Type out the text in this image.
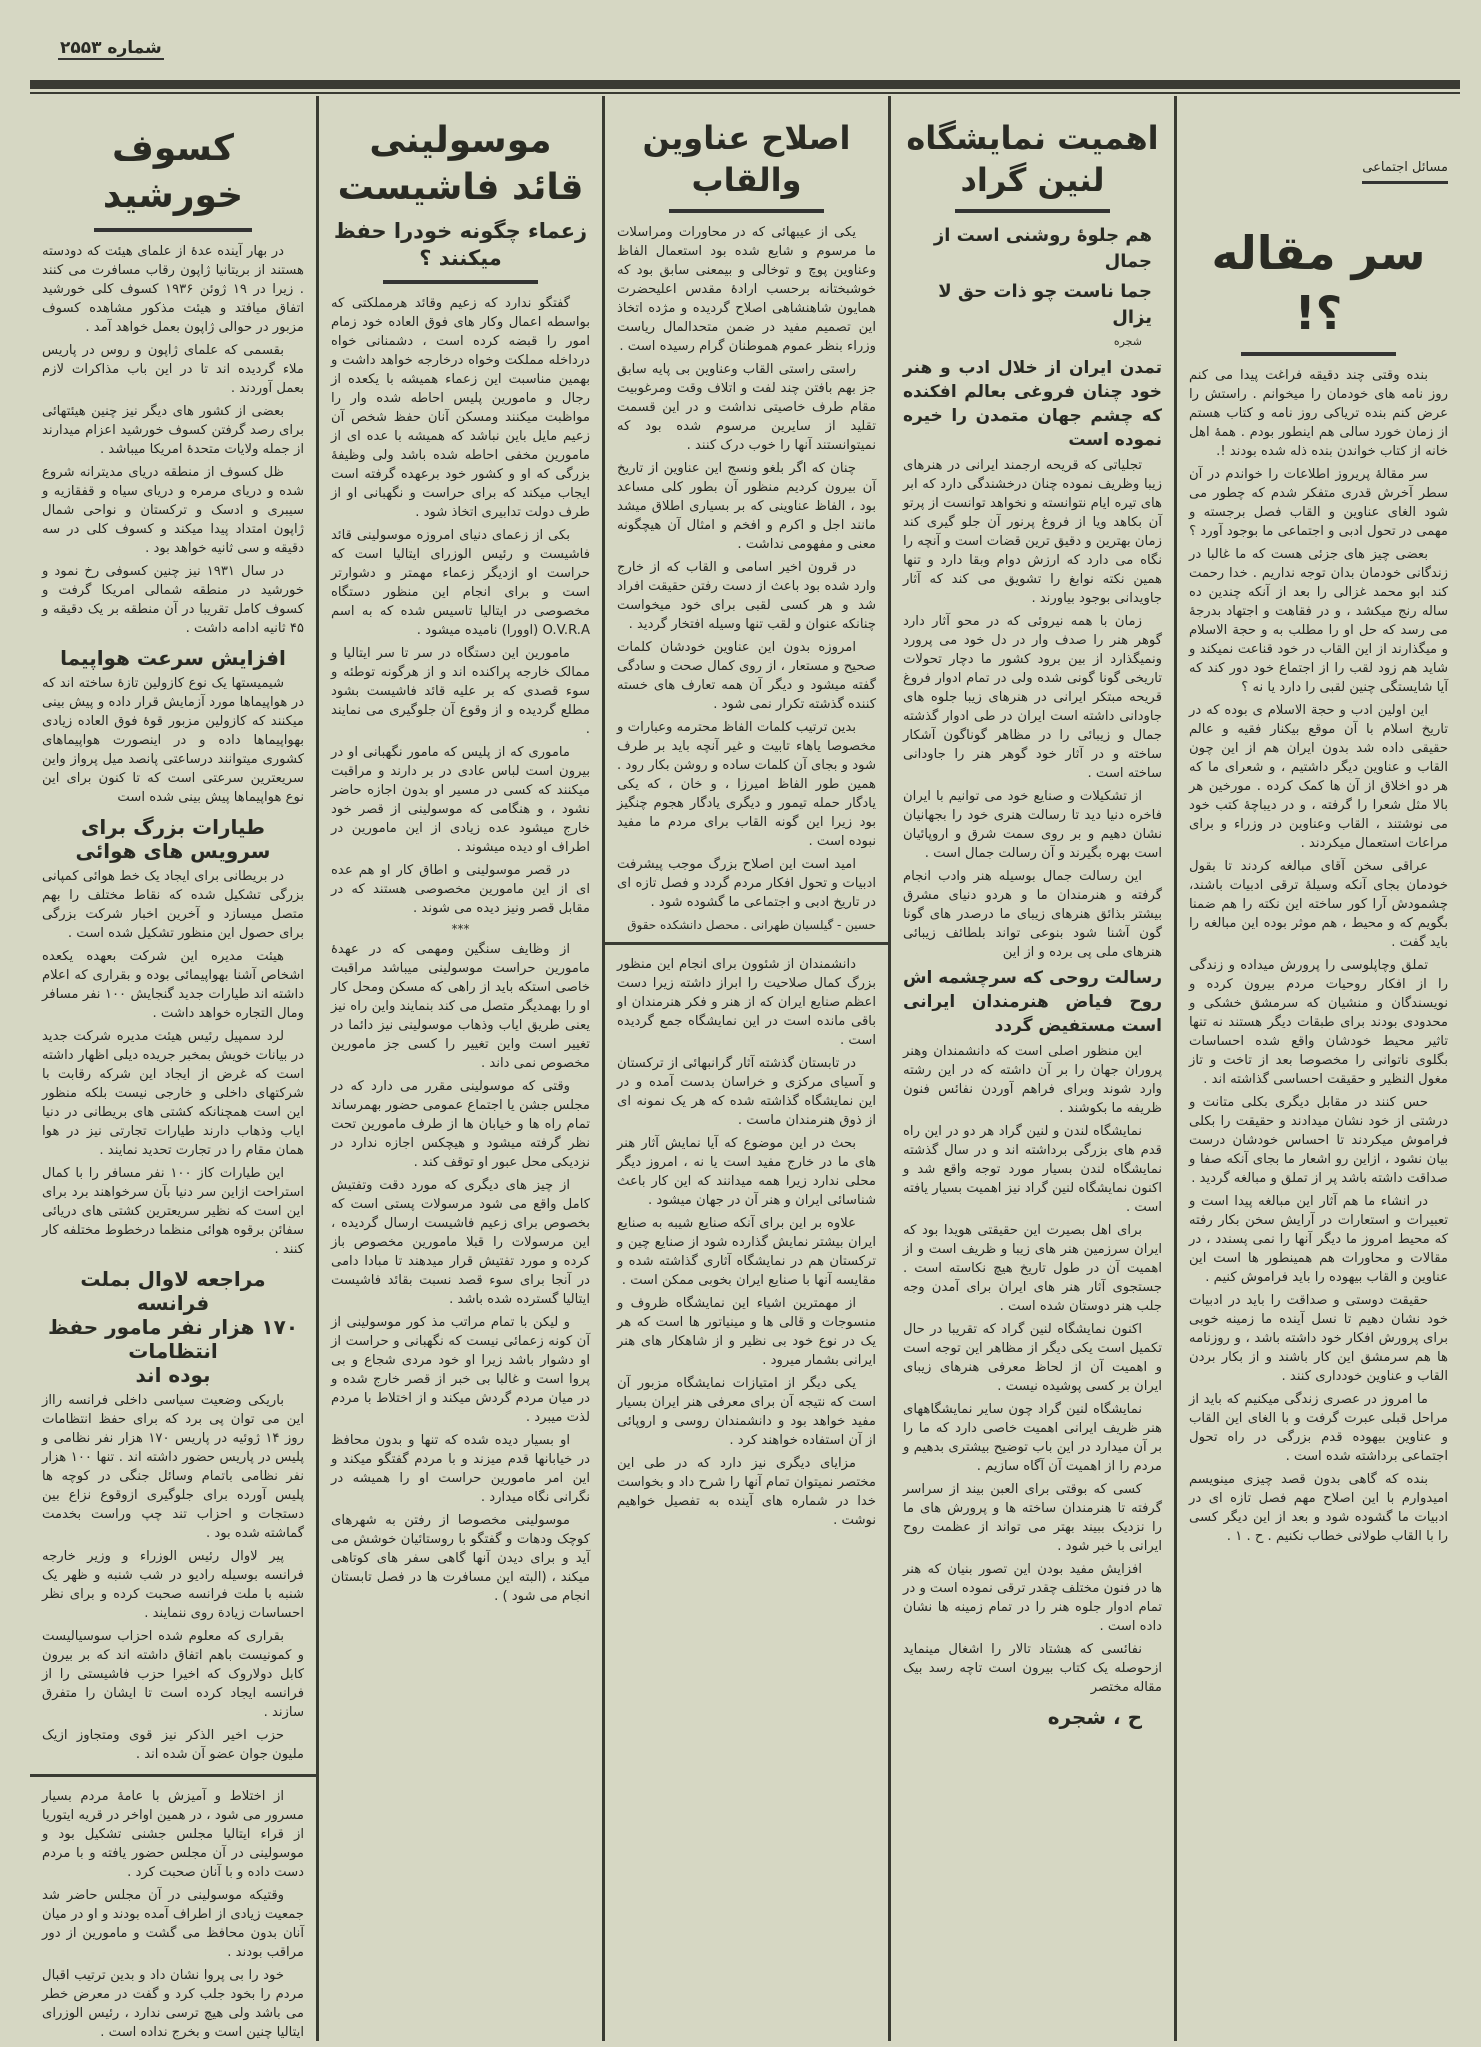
شماره ۲۵۵۳
مسائل اجتماعی
سر مقاله ؟!

بنده وقتی چند دقیقه فراغت پیدا می کنم روز نامه های خودمان را میخوانم . راستش را عرض کنم بنده تریاکی روز نامه و کتاب هستم از زمان خورد سالی هم اینطور بودم . همهٔ اهل خانه از کتاب خواندن بنده ذله شده بودند !.

سر مقالهٔ پریروز اطلاعات را خواندم در آن سطر آخرش قدری متفکر شدم که چطور می شود الغای عناوین و القاب فصل برجسته و مهمی در تحول ادبی و اجتماعی ما بوجود آورد ؟

بعضی چیز های جزئی هست که ما غالبا در زندگانی خودمان بدان توجه نداریم . خدا رحمت کند ابو محمد غزالی را بعد از آنکه چندین ده ساله رنج میکشد ، و در فقاهت و اجتهاد بدرجهٔ می رسد که حل او را مطلب به و حجة الاسلام و میگذارند از این القاب در خود قناعت نمیکند و شاید هم زود لقب را از اجتماع خود دور کند که آیا شایستگی چنین لقبی را دارد یا نه ؟

این اولین ادب و حجة الاسلام ی بوده که در تاریخ اسلام با آن موقع بیکنار فقیه و عالم حقیقی داده شد بدون ایران هم از این چون القاب و عناوین دیگر داشتیم ، و شعرای ما که هر دو اخلاق از آن ها کمک کرده . مورخین هر بالا مثل شعرا را گرفته ، و در دیباچهٔ کتب خود می نوشتند ، القاب وعناوین در وزراء و برای مراعات استعمال میکردند .

عراقی سخن آقای مبالغه کردند تا بقول خودمان بجای آنکه وسیلهٔ ترقی ادبیات باشند، چشمودش آرا کور ساخته این نکته را هم ضمنا بگویم که و محیط ، هم موثر بوده این مبالغه را باید گفت .

تملق وچاپلوسی را پرورش میداده و زندگی را از افکار روحیات مردم بیرون کرده و نویسندگان و منشیان که سرمشق خشکی و محدودی بودند برای طبقات دیگر هستند نه تنها تاثیر محیط خودشان واقع شده احساسات بگلوی ناتوانی را مخصوصا بعد از تاخت و تاز مغول النظیر و حقیقت احساسی گذاشته اند .

حس کنند در مقابل دیگری بکلی متانت و درشتی از خود نشان میدادند و حقیقت را بکلی فراموش میکردند تا احساس خودشان درست بیان نشود ، ازاین رو اشعار ما بجای آنکه صفا و صداقت داشته باشد پر از تملق و مبالغه گردید .

در انشاء ما هم آثار این مبالغه پیدا است و تعبیرات و استعارات در آرایش سخن بکار رفته که محیط امروز ما دیگر آنها را نمی پسندد ، در مقالات و محاورات هم همینطور ها است این عناوین و القاب بیهوده را باید فراموش کنیم .

حقیقت دوستی و صداقت را باید در ادبیات خود نشان دهیم تا نسل آینده ما زمینه خوبی برای پرورش افکار خود داشته باشد ، و روزنامه ها هم سرمشق این کار باشند و از بکار بردن القاب و عناوین خودداری کنند .

ما امروز در عصری زندگی میکنیم که باید از مراحل قبلی عبرت گرفت و با الغای این القاب و عناوین بیهوده قدم بزرگی در راه تحول اجتماعی برداشته شده است .

بنده که گاهی بدون قصد چیزی مینویسم امیدوارم با این اصلاح مهم فصل تازه ای در ادبیات ما گشوده شود و بعد از این دیگر کسی را با القاب طولانی خطاب نکنیم . ح . ۱ .

اهمیت نمایشگاه لنین گراد
هم جلوهٔ روشنی است از جمال
جما ناست چو ذات حق لا یزال
شجره

تمدن ایران از خلال ادب و هنر خود چنان فروغی بعالم افکنده که چشم جهان متمدن را خیره نموده است

تجلیاتی که قریحه ارجمند ایرانی در هنرهای زیبا وظریف نموده چنان درخشندگی دارد که ابر های تیره ایام نتوانسته و نخواهد توانست از پرتو آن بکاهد ویا از فروغ پرنور آن جلو گیری کند زمان بهترین و دقیق ترین قضات است و آنچه را نگاه می دارد که ارزش دوام وبقا دارد و تنها همین نکته نوابغ را تشویق می کند که آثار جاویدانی بوجود بیاورند .

زمان با همه نیروئی که در محو آثار دارد گوهر هنر را صدف وار در دل خود می پرورد ونمیگذارد از بین برود کشور ما دچار تحولات تاریخی گونا گونی شده ولی در تمام ادوار فروغ قریحه مبتکر ایرانی در هنرهای زیبا جلوه های جاودانی داشته است ایران در طی ادوار گذشته جمال و زیبائی را در مظاهر گوناگون آشکار ساخته و در آثار خود گوهر هنر را جاودانی ساخته است .

از تشکیلات و صنایع خود می توانیم با ایران فاخره دنیا دید تا رسالت هنری خود را بجهانیان نشان دهیم و بر روی سمت شرق و اروپائیان است بهره بگیرند و آن رسالت جمال است .

این رسالت جمال بوسیله هنر وادب انجام گرفته و هنرمندان ما و هردو دنیای مشرق بیشتر بذائق هنرهای زیبای ما درصدر های گونا گون آشنا شود بنوعی تواند بلطائف زیبائی هنرهای ملی پی برده و از این

رسالت روحی که سرچشمه اش روح فیاض هنرمندان ایرانی است مستفیض گردد

این منظور اصلی است که دانشمندان وهنر پروران جهان را بر آن داشته که در این رشته وارد شوند وبرای فراهم آوردن نفائس فنون ظریفه ما بکوشند .

نمایشگاه لندن و لنین گراد هر دو در این راه قدم های بزرگی برداشته اند و در سال گذشته نمایشگاه لندن بسیار مورد توجه واقع شد و اکنون نمایشگاه لنین گراد نیز اهمیت بسیار یافته است .

برای اهل بصیرت این حقیقتی هویدا بود که ایران سرزمین هنر های زیبا و ظریف است و از اهمیت آن در طول تاریخ هیچ نکاسته است . جستجوی آثار هنر های ایران برای آمدن وجه جلب هنر دوستان شده است .

اکنون نمایشگاه لنین گراد که تقریبا در حال تکمیل است یکی دیگر از مظاهر این توجه است و اهمیت آن از لحاظ معرفی هنرهای زیبای ایران بر کسی پوشیده نیست .

نمایشگاه لنین گراد چون سایر نمایشگاههای هنر ظریف ایرانی اهمیت خاصی دارد که ما را بر آن میدارد در این باب توضیح بیشتری بدهیم و مردم را از اهمیت آن آگاه سازیم .

کسی که بوقتی برای العبن بیند از سراسر گرفته تا هنرمندان ساخته ها و پرورش های ما را نزدیک ببیند بهتر می تواند از عظمت روح ایرانی با خبر شود .

افزایش مفید بودن این تصور بنیان که هنر ها در فنون مختلف چقدر ترقی نموده است و در تمام ادوار جلوه هنر را در تمام زمینه ها نشان داده است .

نفائسی که هشتاد تالار را اشغال مینماید ازحوصله یک کتاب بیرون است تاچه رسد بیک مقاله مختصر

ح ، شجره
اصلاح عناوین والقاب

یکی از عیبهائی که در محاورات ومراسلات ما مرسوم و شایع شده بود استعمال الفاظ وعناوین پوچ و توخالی و بیمعنی سابق بود که خوشبختانه برحسب ارادهٔ مقدس اعلیحضرت همایون شاهنشاهی اصلاح گردیده و مژده اتخاذ این تصمیم مفید در ضمن متحدالمال ریاست وزراء بنظر عموم هموطنان گرام رسیده است .

راستی راستی القاب وعناوین بی پایه سابق جز بهم بافتن چند لفت و اتلاف وقت ومرغوبیت مقام طرف خاصیتی نداشت و در این قسمت تقلید از سایرین مرسوم شده بود که نمیتوانستند آنها را خوب درک کنند .

چنان که اگر بلغو ونسج این عناوین از تاریخ آن بیرون کردیم منظور آن بطور کلی مساعد بود ، الفاظ عناوینی که بر بسیاری اطلاق میشد مانند اجل و اکرم و افخم و امثال آن هیچگونه معنی و مفهومی نداشت .

در قرون اخیر اسامی و القاب که از خارج وارد شده بود باعث از دست رفتن حقیقت افراد شد و هر کسی لقبی برای خود میخواست چنانکه عنوان و لقب تنها وسیله افتخار گردید .

امروزه بدون این عناوین خودشان کلمات صحیح و مستعار ، از روی کمال صحت و سادگی گفته میشود و دیگر آن همه تعارف های خسته کننده گذشته تکرار نمی شود .

بدین ترتیب کلمات الفاظ محترمه وعبارات و مخصوصا یاهاء تابیت و غیر آنچه باید بر طرف شود و بجای آن کلمات ساده و روشن بکار رود . همین طور الفاظ امیرزا ، و خان ، که یکی یادگار حمله تیمور و دیگری یادگار هجوم چنگیز بود زیرا این گونه القاب برای مردم ما مفید نبوده است .

امید است این اصلاح بزرگ موجب پیشرفت ادبیات و تحول افکار مردم گردد و فصل تازه ای در تاریخ ادبی و اجتماعی ما گشوده شود .

حسین - گیلسیان طهرانی . محصل دانشکده حقوق

دانشمندان از شئوون برای انجام این منظور بزرگ کمال صلاحیت را ابراز داشته زیرا دست اعظم صنایع ایران که از هنر و فکر هنرمندان او باقی مانده است در این نمایشگاه جمع گردیده است .

در تابستان گذشته آثار گرانبهائی از ترکستان و آسیای مرکزی و خراسان بدست آمده و در این نمایشگاه گذاشته شده که هر یک نمونه ای از ذوق هنرمندان ماست .

بحث در این موضوع که آیا نمایش آثار هنر های ما در خارج مفید است یا نه ، امروز دیگر محلی ندارد زیرا همه میدانند که این کار باعث شناسائی ایران و هنر آن در جهان میشود .

علاوه بر این برای آنکه صنایع شیبه به صنایع ایران بیشتر نمایش گذارده شود از صنایع چین و ترکستان هم در نمایشگاه آثاری گذاشته شده و مقایسه آنها با صنایع ایران بخوبی ممکن است .

از مهمترین اشیاء این نمایشگاه ظروف و منسوجات و قالی ها و مینیاتور ها است که هر یک در نوع خود بی نظیر و از شاهکار های هنر ایرانی بشمار میرود .

یکی دیگر از امتیازات نمایشگاه مزبور آن است که نتیجه آن برای معرفی هنر ایران بسیار مفید خواهد بود و دانشمندان روسی و اروپائی از آن استفاده خواهند کرد .

مزایای دیگری نیز دارد که در طی این مختصر نمیتوان تمام آنها را شرح داد و بخواست خدا در شماره های آینده به تفصیل خواهیم نوشت .

موسولینی قائد فاشیست
زعماء چگونه خودرا حفظ میکنند ؟

گفتگو ندارد که زعیم وقائد هرمملکتی که بواسطه اعمال وکار های فوق العاده خود زمام امور را قبضه کرده است ، دشمنانی خواه درداخله مملکت وخواه درخارجه خواهد داشت و بهمین مناسبت این زعماء همیشه با یکعده از رجال و مامورین پلیس احاطه شده وار را مواظبت میکنند ومسکن آنان حفظ شخص آن زعیم مایل باین نباشد که همیشه با عده ای از مامورین مخفی احاطه شده باشد ولی وظیفهٔ بزرگی که او و کشور خود برعهده گرفته است ایجاب میکند که برای حراست و نگهبانی او از طرف دولت تدابیری اتخاذ شود .

بکی از زعمای دنیای امروزه موسولینی قائد فاشیست و رئیس الوزرای ایتالیا است که حراست او ازدیگر زعماء مهمتر و دشوارتر است و برای انجام این منظور دستگاه مخصوصی در ایتالیا تاسیس شده که به اسم O.V.R.A (اوورا) نامیده میشود .

مامورین این دستگاه در سر تا سر ایتالیا و ممالک خارجه پراکنده اند و از هرگونه توطئه و سوء قصدی که بر علیه قائد فاشیست بشود مطلع گردیده و از وقوع آن جلوگیری می نمایند .

ماموری که از پلیس که مامور نگهبانی او در بیرون است لباس عادی در بر دارند و مراقبت میکنند که کسی در مسیر او بدون اجازه حاضر نشود ، و هنگامی که موسولینی از قصر خود خارج میشود عده زیادی از این مامورین در اطراف او دیده میشوند .

در قصر موسولینی و اطاق کار او هم عده ای از این مامورین مخصوصی هستند که در مقابل قصر ونیز دیده می شوند .

***

از وظایف سنگین ومهمی که در عهدهٔ مامورین حراست موسولینی میباشد مراقبت خاصی استکه باید از راهی که مسکن ومحل کار او را بهمدیگر متصل می کند بنمایند واین راه نیز یعنی طریق ایاب وذهاب موسولینی نیز دائما در تغییر است واین تغییر را کسی جز مامورین مخصوص نمی داند .

وقتی که موسولینی مقرر می دارد که در مجلس جشن یا اجتماع عمومی حضور بهمرساند تمام راه ها و خیابان ها از طرف مامورین تحت نظر گرفته میشود و هیچکس اجازه ندارد در نزدیکی محل عبور او توقف کند .

از چیز های دیگری که مورد دقت وتفتیش کامل واقع می شود مرسولات پستی است که بخصوص برای زعیم فاشیست ارسال گردیده ، این مرسولات را قبلا مامورین مخصوص باز کرده و مورد تفتیش قرار میدهند تا مبادا دامی در آنجا برای سوء قصد نسبت بقائد فاشیست ایتالیا گسترده شده باشد .

و لیکن با تمام مراتب مذ کور موسولینی از آن کونه زعمائی نیست که نگهبانی و حراست از او دشوار باشد زیرا او خود مردی شجاع و بی پروا است و غالبا بی خبر از قصر خارج شده و در میان مردم گردش میکند و از اختلاط با مردم لذت میبرد .

او بسیار دیده شده که تنها و بدون محافظ در خیابانها قدم میزند و با مردم گفتگو میکند و این امر مامورین حراست او را همیشه در نگرانی نگاه میدارد .

موسولینی مخصوصا از رفتن به شهرهای کوچک ودهات و گفتگو با روستائیان خوشش می آید و برای دیدن آنها گاهی سفر های کوتاهی میکند ، (البته این مسافرت ها در فصل تابستان انجام می شود ) .

کسوف خورشید

در بهار آینده عدهٔ از علمای هیئت که دودسته هستند از بریتانیا ژاپون رقاب مسافرت می کنند . زیرا در ۱۹ ژوئن ۱۹۳۶ کسوف کلی خورشید اتفاق میافتد و هیئت مذکور مشاهده کسوف مزبور در حوالی ژاپون بعمل خواهد آمد .

بقسمی که علمای ژاپون و روس در پاریس ملاء گردیده اند تا در این باب مذاکرات لازم بعمل آوردند .

بعضی از کشور های دیگر نیز چنین هیئتهائی برای رصد گرفتن کسوف خورشید اعزام میدارند از جمله ولایات متحدهٔ امریکا میباشد .

ظل کسوف از منطقه دریای مدیترانه شروع شده و دریای مرمره و دریای سیاه و قفقازیه و سیبری و ادسک و ترکستان و نواحی شمال ژاپون امتداد پیدا میکند و کسوف کلی در سه دقیقه و سی ثانیه خواهد بود .

در سال ۱۹۳۱ نیز چنین کسوفی رخ نمود و خورشید در منطقه شمالی امریکا گرفت و کسوف کامل تقریبا در آن منطقه بر یک دقیقه و ۴۵ ثانیه ادامه داشت .

افزایش سرعت هواپیما

شیمیستها یک نوع کازولین تازهٔ ساخته اند که در هواپیماها مورد آزمایش قرار داده و پیش بینی میکنند که کازولین مزبور قوهٔ فوق العاده زیادی بهواپیماها داده و در اینصورت هواپیماهای کشوری میتوانند درساعتی پانصد میل پرواز واین سریعترین سرعتی است که تا کنون برای این نوع هواپیماها پیش بینی شده است

طیارات بزرگ برای سرویس های هوائی

در بریطانی برای ایجاد یک خط هوائی کمپانی بزرگی تشکیل شده که نقاط مختلف را بهم متصل میسازد و آخرین اخبار شرکت بزرگی برای حصول این منظور تشکیل شده است .

هیئت مدیره این شرکت بعهده یکعده اشخاص آشنا بهواپیمائی بوده و بقراری که اعلام داشته اند طیارات جدید گنجایش ۱۰۰ نفر مسافر ومال التجاره خواهد داشت .

لرد سمپیل رئیس هیئت مدیره شرکت جدید در بیانات خویش بمخبر جریده دیلی اظهار داشته است که غرض از ایجاد این شرکه رقابت با شرکتهای داخلی و خارجی نیست بلکه منظور این است همچنانکه کشتی های بریطانی در دنیا ایاب وذهاب دارند طیارات تجارتی نیز در هوا همان مقام را در تجارت تحدید نمایند .

این طیارات کاز ۱۰۰ نفر مسافر را با کمال استراحت ازاین سر دنیا بآن سرخواهند برد برای این است که نظیر سریعترین کشتی های دریائی سفائن برقوه هوائی منظما درخطوط مختلفه کار کنند .

مراجعه لاوال بملت فرانسه
۱۷۰ هزار نفر مامور حفظ انتظامات
بوده اند

باریکی وضعیت سیاسی داخلی فرانسه رااز این می توان پی برد که برای حفظ انتظامات روز ۱۴ ژوئیه در پاریس ۱۷۰ هزار نفر نظامی و پلیس در پاریس حضور داشته اند . تنها ۱۰۰ هزار نفر نظامی باتمام وسائل جنگی در کوچه ها پلیس آورده برای جلوگیری ازوقوع نزاع بین دستجات و احزاب تند چپ وراست بخدمت گماشته شده بود .

پیر لاوال رئیس الوزراء و وزیر خارجه فرانسه بوسیله رادیو در شب شنبه و ظهر یک شنبه با ملت فرانسه صحبت کرده و برای نظر احساسات زیادة روی ننمایند .

بقراری که معلوم شده احزاب سوسیالیست و کمونیست باهم اتفاق داشته اند که بر بیرون کابل دولاروک که اخیرا حزب فاشیستی را از فرانسه ایجاد کرده است تا ایشان را متفرق سازند .

حزب اخیر الذکر نیز قوی ومتجاوز ازیک ملیون جوان عضو آن شده اند .

از اختلاط و آمیزش با عامهٔ مردم بسیار مسرور می شود ، در همین اواخر در قریه ایتوریا از قراء ایتالیا مجلس جشنی تشکیل بود و موسولینی در آن مجلس حضور یافته و با مردم دست داده و با آنان صحبت کرد .

وقتیکه موسولینی در آن مجلس حاضر شد جمعیت زیادی از اطراف آمده بودند و او در میان آنان بدون محافظ می گشت و مامورین از دور مراقب بودند .

خود را بی پروا نشان داد و بدین ترتیب اقبال مردم را بخود جلب کرد و گفت در معرض خطر می باشد ولی هیچ ترسی ندارد ، رئیس الوزرای ایتالیا چنین است و بخرج نداده است .
